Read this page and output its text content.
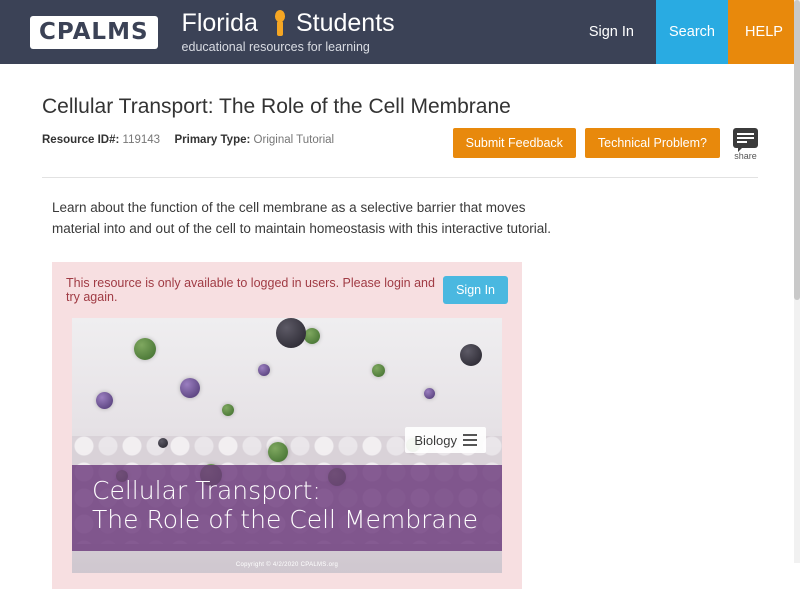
CPALMS	Florida Students
educational resources for learning
Sign In	Search	HELP
Cellular Transport: The Role of the Cell Membrane
Resource ID#: 119143 Primary Type: Original Tutorial	Submit Feedback	Technical Problem?
share
Learn about the function of the cell membrane as a selective barrier that moves material into and out of the cell to maintain homeostasis with this interactive tutorial.
This resource is only available to logged in users. Please login and try again.	Sign In
Biology
Cellular Transport:
The Role of the Cell Membrane
Copyright © 4/2/2020 CPALMS.org
